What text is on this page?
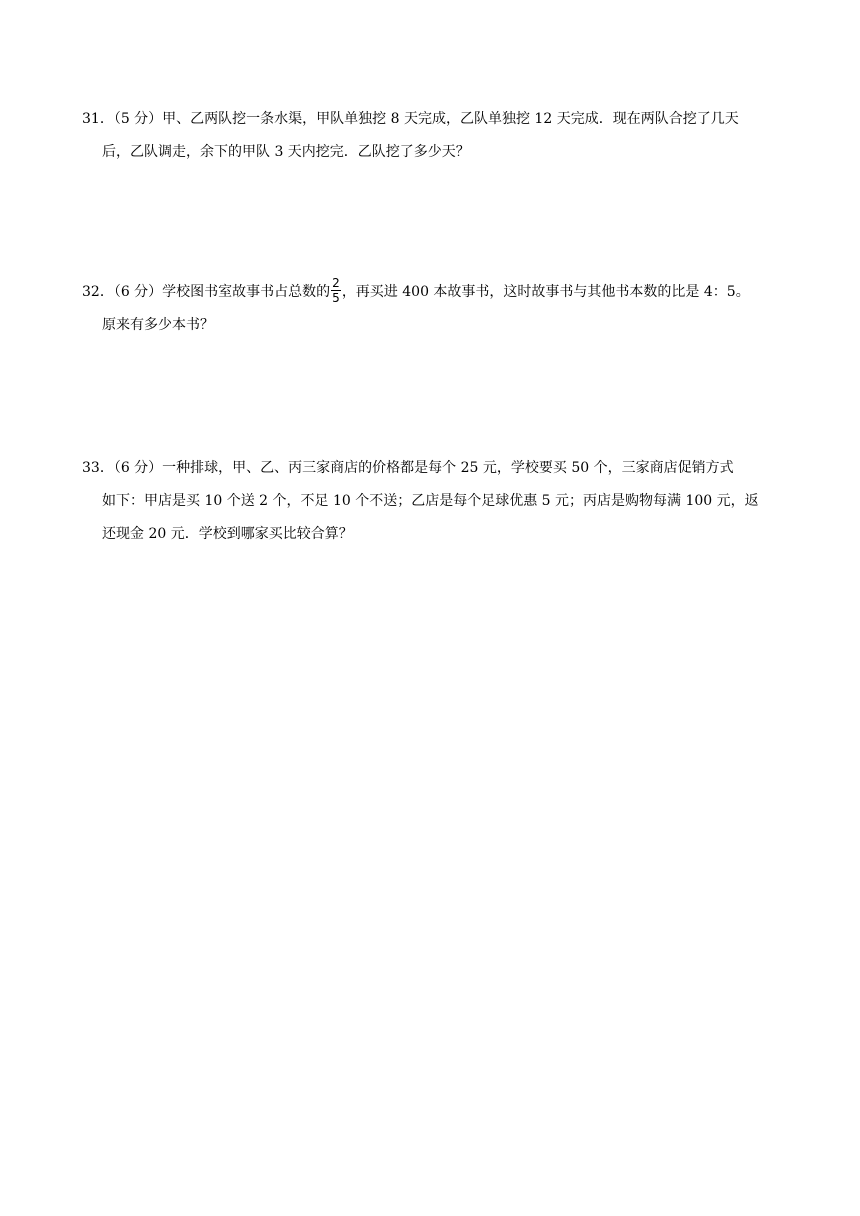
31．（5 分）甲、乙两队挖一条水渠，甲队单独挖 8 天完成，乙队单独挖 12 天完成．现在两队合挖了几天
后，乙队调走，余下的甲队 3 天内挖完．乙队挖了多少天？
32．（6 分）学校图书室故事书占总数的 $\frac{2}{5}$ ，再买进 400 本故事书，这时故事书与其他书本数的比是 4：5。
原来有多少本书？
33．（6 分）一种排球，甲、乙、丙三家商店的价格都是每个 25 元，学校要买 50 个，三家商店促销方式
如下：甲店是买 10 个送 2 个，不足 10 个不送；乙店是每个足球优惠 5 元；丙店是购物每满 100 元，返
还现金 20 元．学校到哪家买比较合算？
